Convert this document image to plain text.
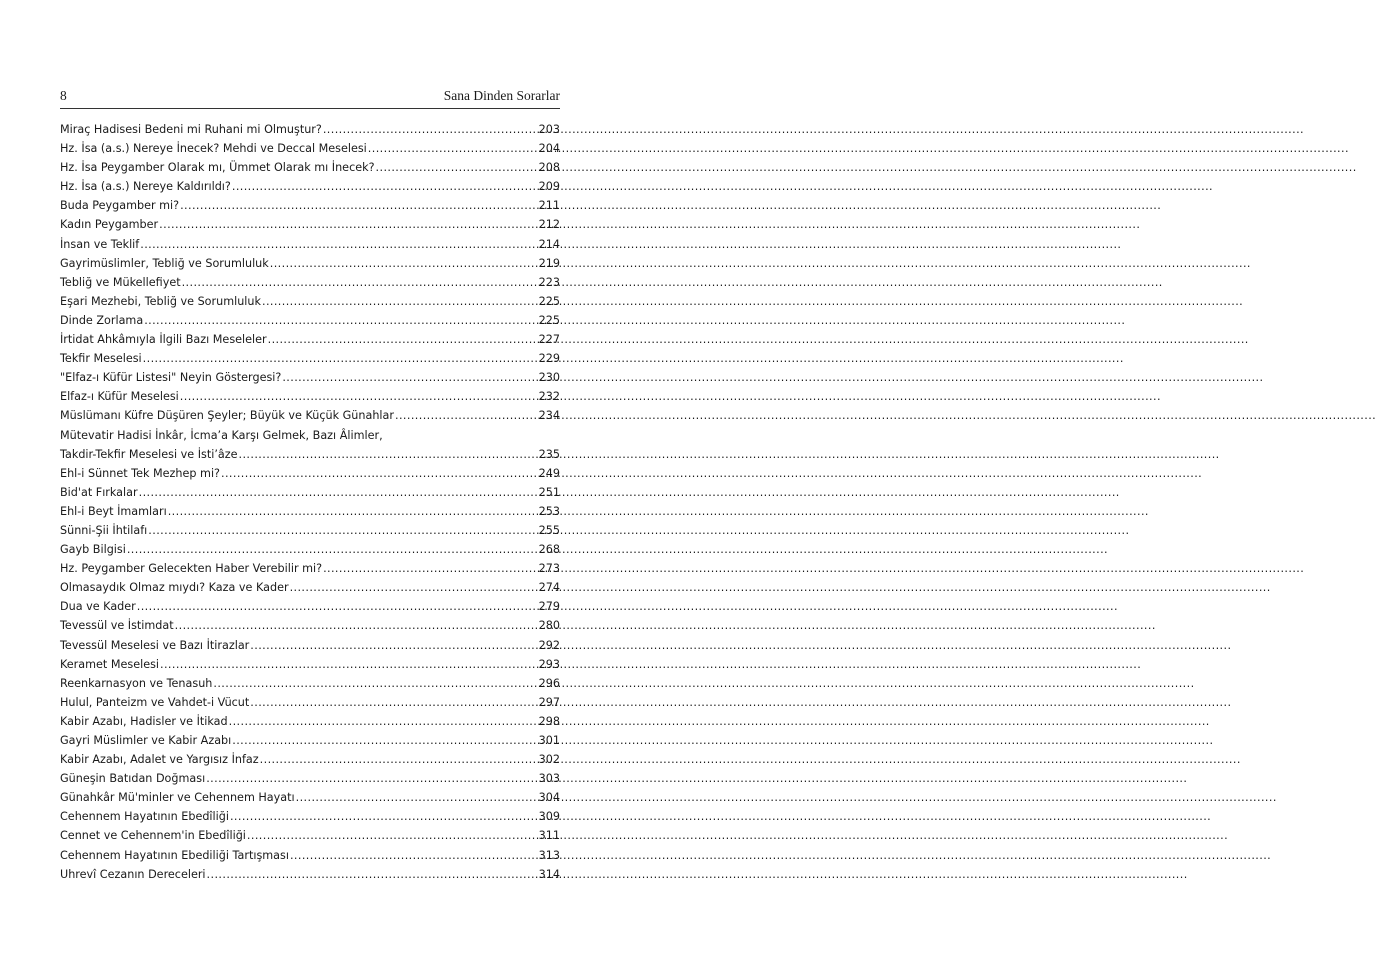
8	Sana Dinden Sorarlar
Miraç Hadisesi Bedeni mi Ruhani mi Olmuştur? .....	203
Hz. İsa (a.s.) Nereye İnecek? Mehdi ve Deccal Meselesi .....	204
Hz. İsa Peygamber Olarak mı, Ümmet Olarak mı İnecek? .....	208
Hz. İsa (a.s.) Nereye Kaldırıldı? .....	209
Buda Peygamber mi? .....	211
Kadın Peygamber .....	212
İnsan ve Teklif .....	214
Gayrimüslimler, Tebliğ ve Sorumluluk .....	219
Tebliğ ve Mükellefiyet .....	223
Eşari Mezhebi, Tebliğ ve Sorumluluk .....	225
Dinde Zorlama .....	225
İrtidat Ahkâmıyla İlgili Bazı Meseleler .....	227
Tekfir Meselesi .....	229
"Elfaz-ı Küfür Listesi" Neyin Göstergesi? .....	230
Elfaz-ı Küfür Meselesi .....	232
Müslümanı Küfre Düşüren Şeyler; Büyük ve Küçük Günahlar .....	234
Mütevatir Hadisi İnkâr, İcma’a Karşı Gelmek, Bazı Âlimler,
Takdir-Tekfir Meselesi ve İsti’âze .....	235
Ehl-i Sünnet Tek Mezhep mi? .....	249
Bid'at Fırkalar .....	251
Ehl-i Beyt İmamları .....	253
Sünni-Şii İhtilafı .....	255
Gayb Bilgisi .....	268
Hz. Peygamber Gelecekten Haber Verebilir mi? .....	273
Olmasaydık Olmaz mıydı? Kaza ve Kader .....	274
Dua ve Kader .....	279
Tevessül ve İstimdat .....	280
Tevessül Meselesi ve Bazı İtirazlar .....	292
Keramet Meselesi .....	293
Reenkarnasyon ve Tenasuh .....	296
Hulul, Panteizm ve Vahdet-i Vücut .....	297
Kabir Azabı, Hadisler ve İtikad .....	298
Gayri Müslimler ve Kabir Azabı .....	301
Kabir Azabı, Adalet ve Yargısız İnfaz .....	302
Güneşin Batıdan Doğması .....	303
Günahkâr Mü'minler ve Cehennem Hayatı .....	304
Cehennem Hayatının Ebedîliği .....	309
Cennet ve Cehennem'in Ebedîliği .....	311
Cehennem Hayatının Ebediliği Tartışması .....	313
Uhrevî Cezanın Dereceleri .....	314
